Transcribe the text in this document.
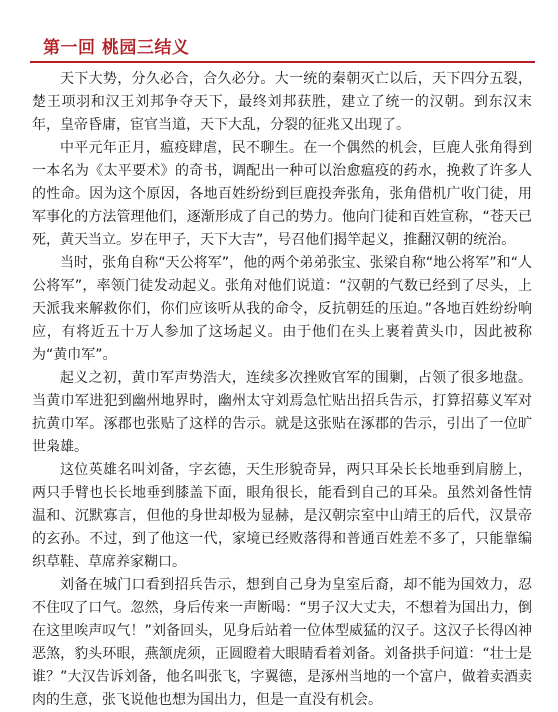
第一回 桃园三结义

天下大势，分久必合，合久必分。大一统的秦朝灭亡以后，天下四分五裂，楚王项羽和汉王刘邦争夺天下，最终刘邦获胜，建立了统一的汉朝。到东汉末年，皇帝昏庸，宦官当道，天下大乱，分裂的征兆又出现了。

中平元年正月，瘟疫肆虐，民不聊生。在一个偶然的机会，巨鹿人张角得到一本名为《太平要术》的奇书，调配出一种可以治愈瘟疫的药水，挽救了许多人的性命。因为这个原因，各地百姓纷纷到巨鹿投奔张角，张角借机广收门徒，用军事化的方法管理他们，逐渐形成了自己的势力。他向门徒和百姓宣称，“苍天已死，黄天当立。岁在甲子，天下大吉”，号召他们揭竿起义，推翻汉朝的统治。

当时，张角自称“天公将军”，他的两个弟弟张宝、张梁自称“地公将军”和“人公将军”，率领门徒发动起义。张角对他们说道：“汉朝的气数已经到了尽头，上天派我来解救你们，你们应该听从我的命令，反抗朝廷的压迫。”各地百姓纷纷响应，有将近五十万人参加了这场起义。由于他们在头上裹着黄头巾，因此被称为“黄巾军”。

起义之初，黄巾军声势浩大，连续多次挫败官军的围剿，占领了很多地盘。当黄巾军进犯到幽州地界时，幽州太守刘焉急忙贴出招兵告示，打算招募义军对抗黄巾军。涿郡也张贴了这样的告示。就是这张贴在涿郡的告示，引出了一位旷世枭雄。

这位英雄名叫刘备，字玄德，天生形貌奇异，两只耳朵长长地垂到肩膀上，两只手臂也长长地垂到膝盖下面，眼角很长，能看到自己的耳朵。虽然刘备性情温和、沉默寡言，但他的身世却极为显赫，是汉朝宗室中山靖王的后代，汉景帝的玄孙。不过，到了他这一代，家境已经败落得和普通百姓差不多了，只能靠编织草鞋、草席养家糊口。

刘备在城门口看到招兵告示，想到自己身为皇室后裔，却不能为国效力，忍不住叹了口气。忽然，身后传来一声断喝：“男子汉大丈夫，不想着为国出力，倒在这里唉声叹气！”刘备回头，见身后站着一位体型威猛的汉子。这汉子长得凶神恶煞，豹头环眼，燕颔虎须，正圆瞪着大眼睛看着刘备。刘备拱手问道：“壮士是谁？”大汉告诉刘备，他名叫张飞，字翼德，是涿州当地的一个富户，做着卖酒卖肉的生意，张飞说他也想为国出力，但是一直没有机会。
